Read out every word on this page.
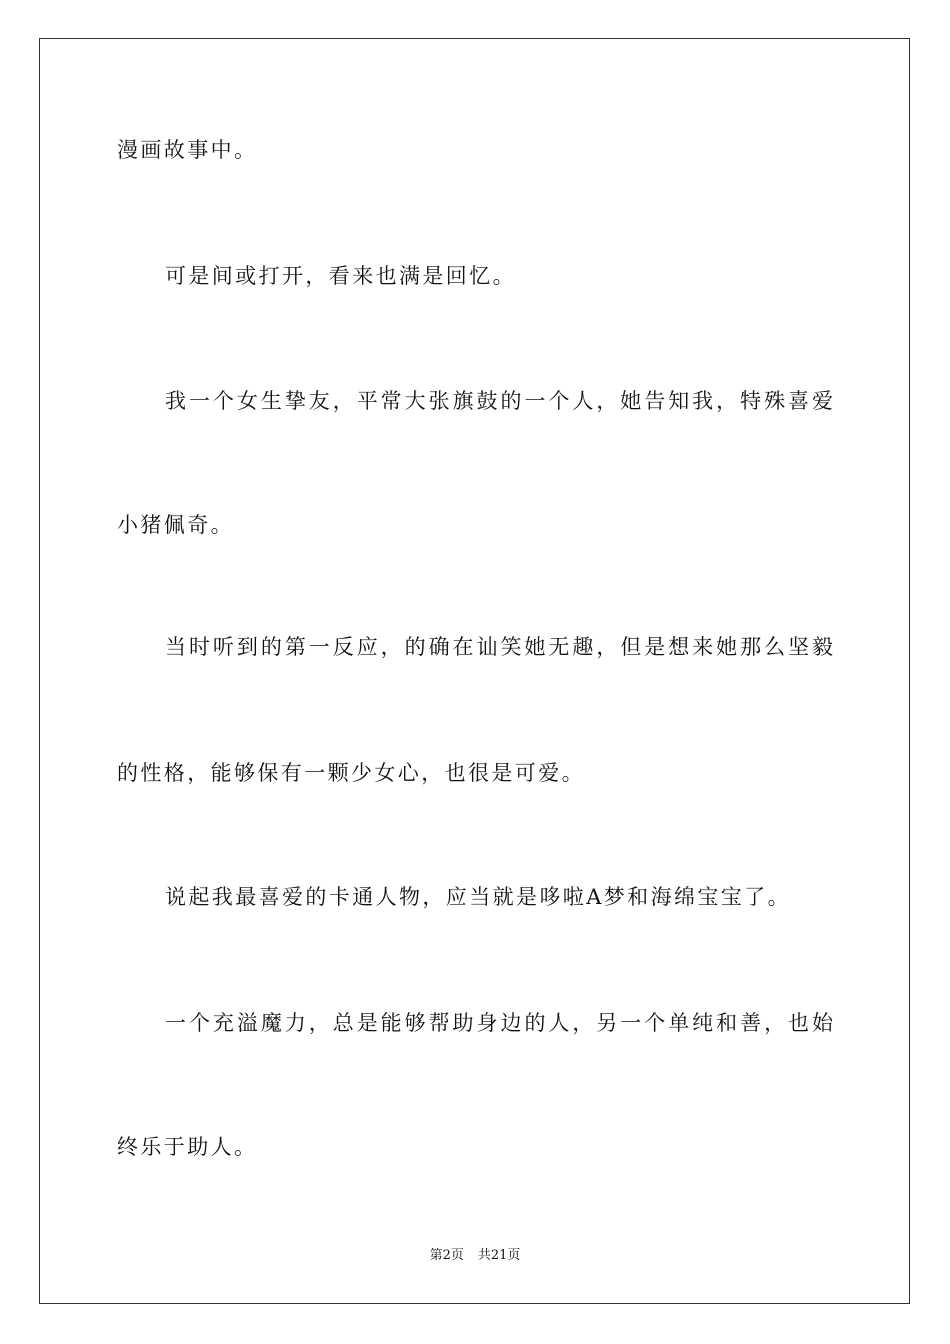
漫画故事中。
可是间或打开，看来也满是回忆。
我一个女生挚友，平常大张旗鼓的一个人，她告知我，特殊喜爱
小猪佩奇。
当时听到的第一反应，的确在讪笑她无趣，但是想来她那么坚毅
的性格，能够保有一颗少女心，也很是可爱。
说起我最喜爱的卡通人物，应当就是哆啦A梦和海绵宝宝了。
一个充溢魔力，总是能够帮助身边的人，另一个单纯和善，也始
终乐于助人。
第2页 共21页
